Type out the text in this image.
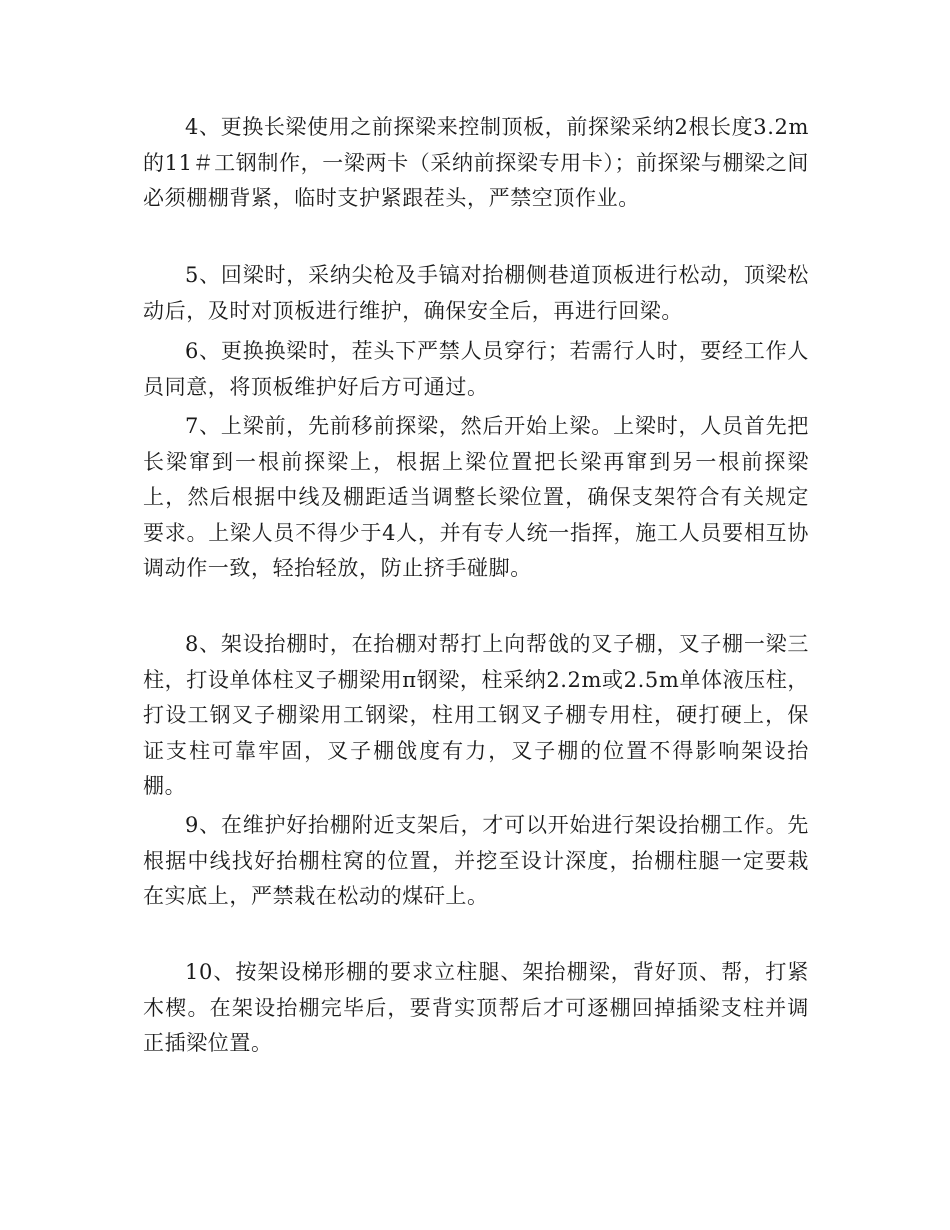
4、更换长梁使用之前探梁来控制顶板，前探梁采纳2根长度3.2m的11＃工钢制作，一梁两卡（采纳前探梁专用卡）；前探梁与棚梁之间必须棚棚背紧，临时支护紧跟茬头，严禁空顶作业。

5、回梁时，采纳尖枪及手镐对抬棚侧巷道顶板进行松动，顶梁松动后，及时对顶板进行维护，确保安全后，再进行回梁。

6、更换换梁时，茬头下严禁人员穿行；若需行人时，要经工作人员同意，将顶板维护好后方可通过。

7、上梁前，先前移前探梁，然后开始上梁。上梁时，人员首先把长梁窜到一根前探梁上，根据上梁位置把长梁再窜到另一根前探梁上，然后根据中线及棚距适当调整长梁位置，确保支架符合有关规定要求。上梁人员不得少于4人，并有专人统一指挥，施工人员要相互协调动作一致，轻抬轻放，防止挤手碰脚。

8、架设抬棚时，在抬棚对帮打上向帮戗的叉子棚，叉子棚一梁三柱，打设单体柱叉子棚梁用π钢梁，柱采纳2.2m或2.5m单体液压柱，打设工钢叉子棚梁用工钢梁，柱用工钢叉子棚专用柱，硬打硬上，保证支柱可靠牢固，叉子棚戗度有力，叉子棚的位置不得影响架设抬棚。

9、在维护好抬棚附近支架后，才可以开始进行架设抬棚工作。先根据中线找好抬棚柱窝的位置，并挖至设计深度，抬棚柱腿一定要栽在实底上，严禁栽在松动的煤矸上。

10、按架设梯形棚的要求立柱腿、架抬棚梁，背好顶、帮，打紧木楔。在架设抬棚完毕后，要背实顶帮后才可逐棚回掉插梁支柱并调正插梁位置。
